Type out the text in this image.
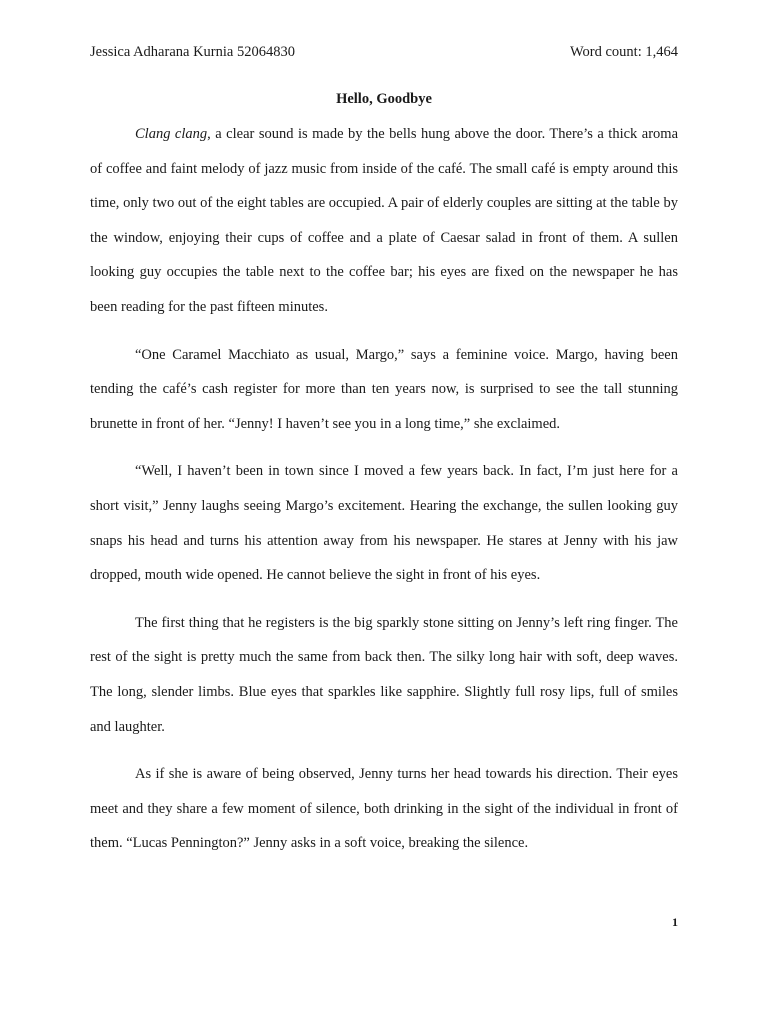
Jessica Adharana Kurnia 52064830	Word count: 1,464
Hello, Goodbye

Clang clang, a clear sound is made by the bells hung above the door. There’s a thick aroma of coffee and faint melody of jazz music from inside of the café. The small café is empty around this time, only two out of the eight tables are occupied. A pair of elderly couples are sitting at the table by the window, enjoying their cups of coffee and a plate of Caesar salad in front of them. A sullen looking guy occupies the table next to the coffee bar; his eyes are fixed on the newspaper he has been reading for the past fifteen minutes.

“One Caramel Macchiato as usual, Margo,” says a feminine voice. Margo, having been tending the café’s cash register for more than ten years now, is surprised to see the tall stunning brunette in front of her. “Jenny! I haven’t see you in a long time,” she exclaimed.

“Well, I haven’t been in town since I moved a few years back. In fact, I’m just here for a short visit,” Jenny laughs seeing Margo’s excitement. Hearing the exchange, the sullen looking guy snaps his head and turns his attention away from his newspaper. He stares at Jenny with his jaw dropped, mouth wide opened. He cannot believe the sight in front of his eyes.

The first thing that he registers is the big sparkly stone sitting on Jenny’s left ring finger. The rest of the sight is pretty much the same from back then. The silky long hair with soft, deep waves. The long, slender limbs. Blue eyes that sparkles like sapphire. Slightly full rosy lips, full of smiles and laughter.

As if she is aware of being observed, Jenny turns her head towards his direction. Their eyes meet and they share a few moment of silence, both drinking in the sight of the individual in front of them. “Lucas Pennington?” Jenny asks in a soft voice, breaking the silence.

1
